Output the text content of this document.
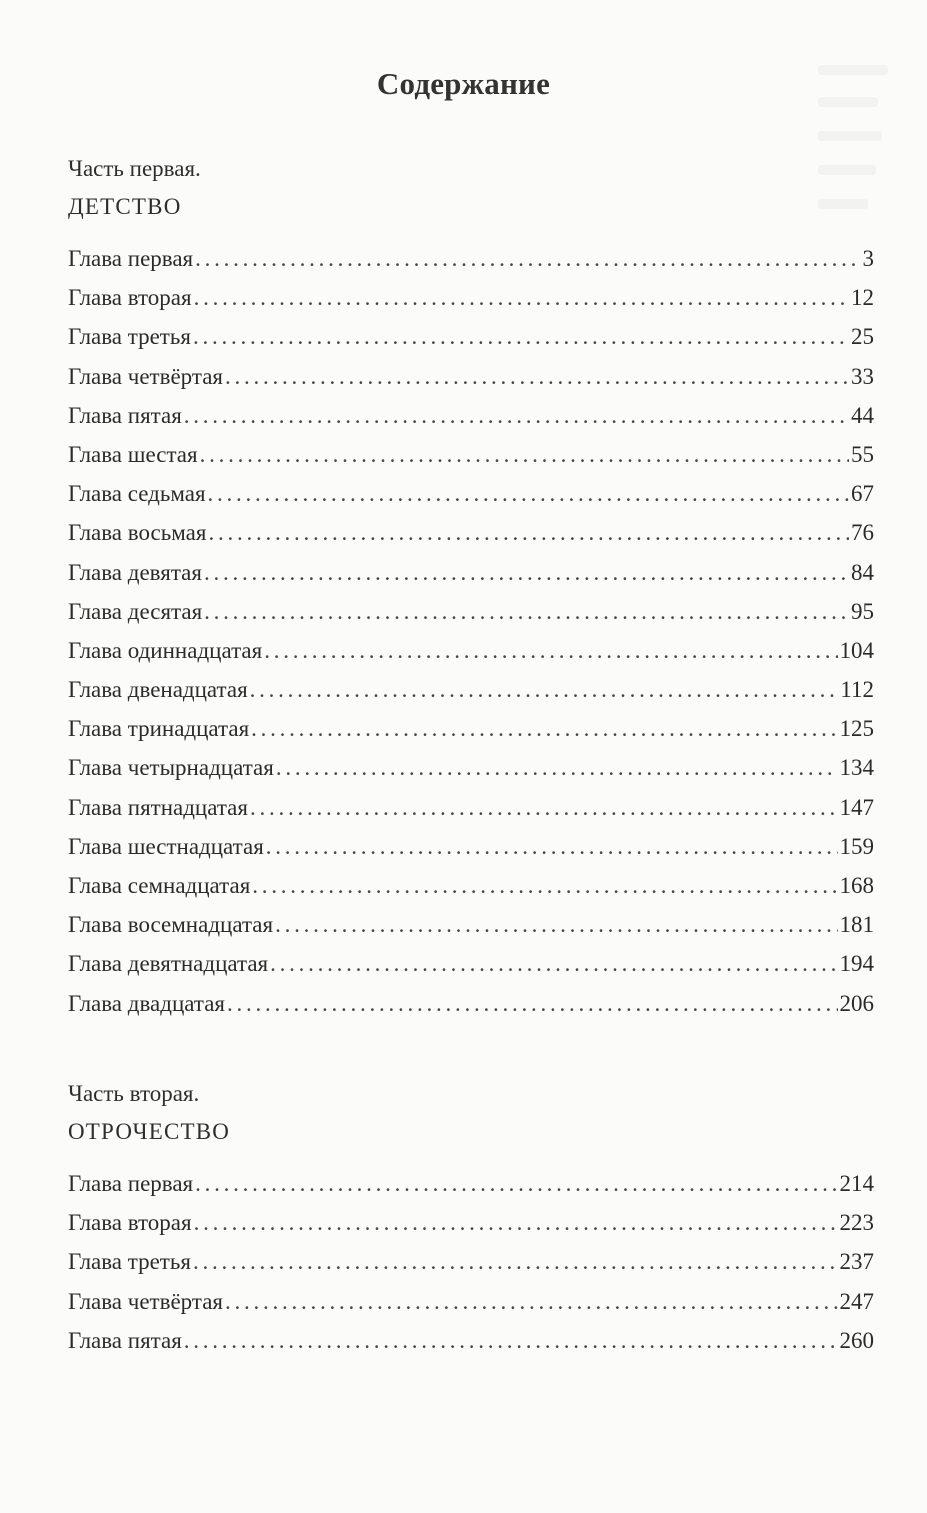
Содержание
Часть первая.
ДЕТСТВО
Глава первая . . .	3
Глава вторая . . .	12
Глава третья . . .	25
Глава четвёртая . . .	33
Глава пятая . . .	44
Глава шестая . . .	55
Глава седьмая . . .	67
Глава восьмая . . .	76
Глава девятая . . .	84
Глава десятая . . .	95
Глава одиннадцатая . . .	104
Глава двенадцатая . . .	112
Глава тринадцатая . . .	125
Глава четырнадцатая . . .	134
Глава пятнадцатая . . .	147
Глава шестнадцатая . . .	159
Глава семнадцатая . . .	168
Глава восемнадцатая . . .	181
Глава девятнадцатая . . .	194
Глава двадцатая . . .	206
Часть вторая.
ОТРОЧЕСТВО
Глава первая . . .	214
Глава вторая . . .	223
Глава третья . . .	237
Глава четвёртая . . .	247
Глава пятая . . .	260
